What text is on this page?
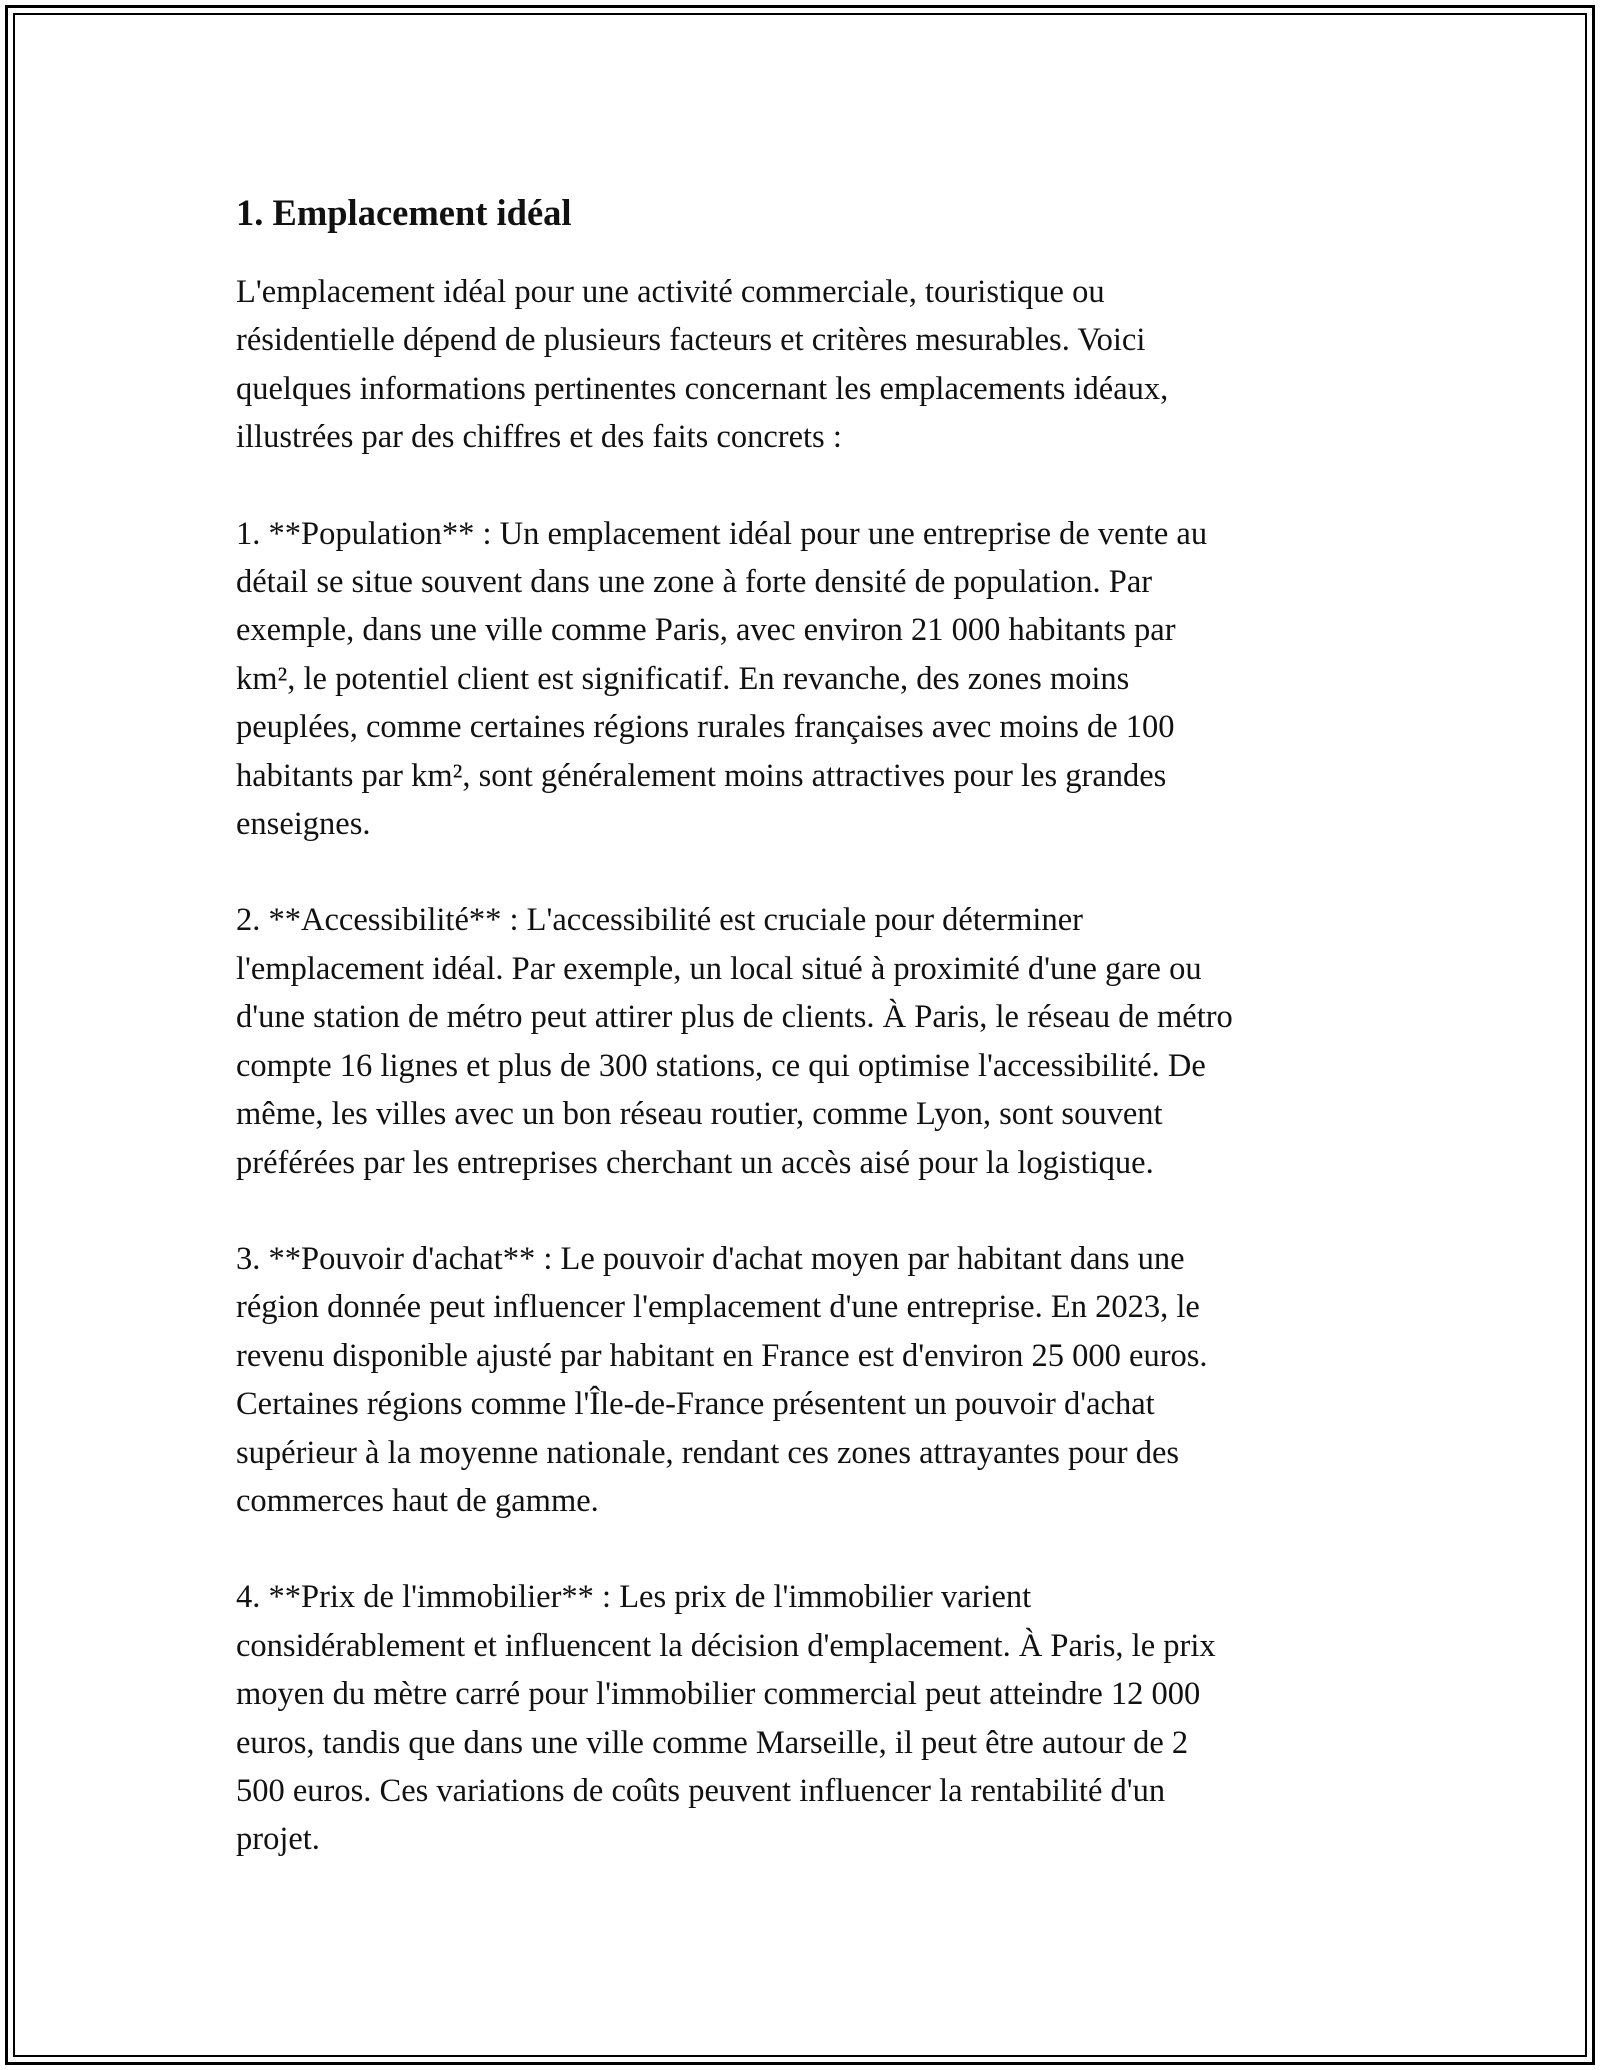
1. Emplacement idéal

L'emplacement idéal pour une activité commerciale, touristique ou
résidentielle dépend de plusieurs facteurs et critères mesurables. Voici
quelques informations pertinentes concernant les emplacements idéaux,
illustrées par des chiffres et des faits concrets :

1. **Population** : Un emplacement idéal pour une entreprise de vente au
détail se situe souvent dans une zone à forte densité de population. Par
exemple, dans une ville comme Paris, avec environ 21 000 habitants par
km², le potentiel client est significatif. En revanche, des zones moins
peuplées, comme certaines régions rurales françaises avec moins de 100
habitants par km², sont généralement moins attractives pour les grandes
enseignes.

2. **Accessibilité** : L'accessibilité est cruciale pour déterminer
l'emplacement idéal. Par exemple, un local situé à proximité d'une gare ou
d'une station de métro peut attirer plus de clients. À Paris, le réseau de métro
compte 16 lignes et plus de 300 stations, ce qui optimise l'accessibilité. De
même, les villes avec un bon réseau routier, comme Lyon, sont souvent
préférées par les entreprises cherchant un accès aisé pour la logistique.

3. **Pouvoir d'achat** : Le pouvoir d'achat moyen par habitant dans une
région donnée peut influencer l'emplacement d'une entreprise. En 2023, le
revenu disponible ajusté par habitant en France est d'environ 25 000 euros.
Certaines régions comme l'Île-de-France présentent un pouvoir d'achat
supérieur à la moyenne nationale, rendant ces zones attrayantes pour des
commerces haut de gamme.

4. **Prix de l'immobilier** : Les prix de l'immobilier varient
considérablement et influencent la décision d'emplacement. À Paris, le prix
moyen du mètre carré pour l'immobilier commercial peut atteindre 12 000
euros, tandis que dans une ville comme Marseille, il peut être autour de 2
500 euros. Ces variations de coûts peuvent influencer la rentabilité d'un
projet.
